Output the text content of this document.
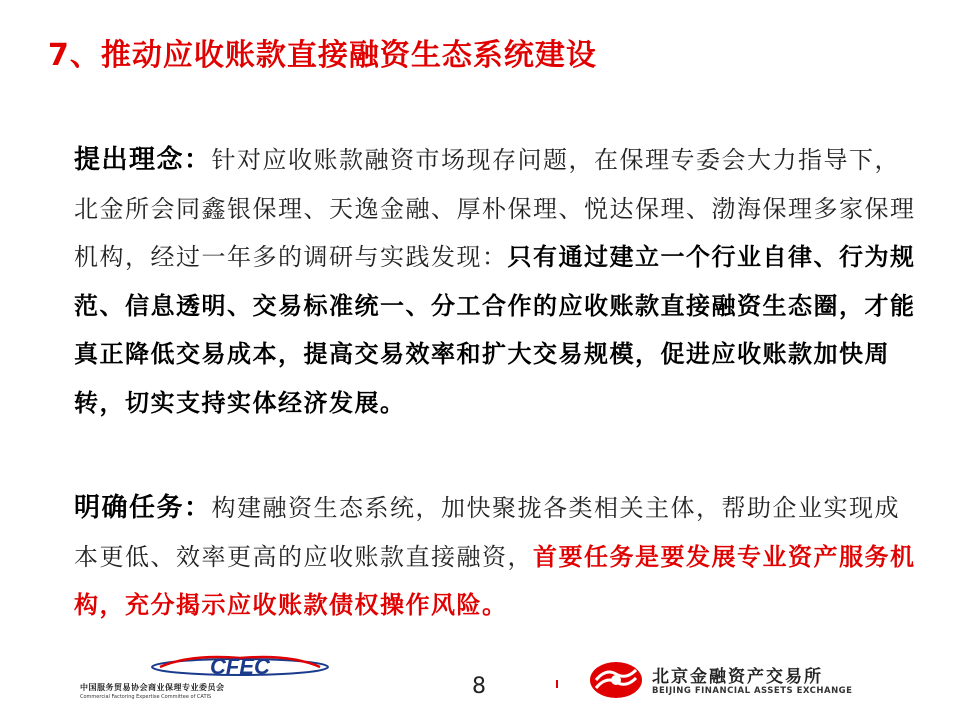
7、推动应收账款直接融资生态系统建设
提出理念：针对应收账款融资市场现存问题，在保理专委会大力指导下，北金所会同鑫银保理、天逸金融、厚朴保理、悦达保理、渤海保理多家保理机构，经过一年多的调研与实践发现：只有通过建立一个行业自律、行为规范、信息透明、交易标准统一、分工合作的应收账款直接融资生态圈，才能真正降低交易成本，提高交易效率和扩大交易规模，促进应收账款加快周转，切实支持实体经济发展。
明确任务：构建融资生态系统，加快聚拢各类相关主体，帮助企业实现成本更低、效率更高的应收账款直接融资，首要任务是要发展专业资产服务机构，充分揭示应收账款债权操作风险。
CFEC
中国服务贸易协会商业保理专业委员会
Commercial Factoring Expertise Committee of CATIS	8	北京金融资产交易所
BEIJING FINANCIAL ASSETS EXCHANGE
